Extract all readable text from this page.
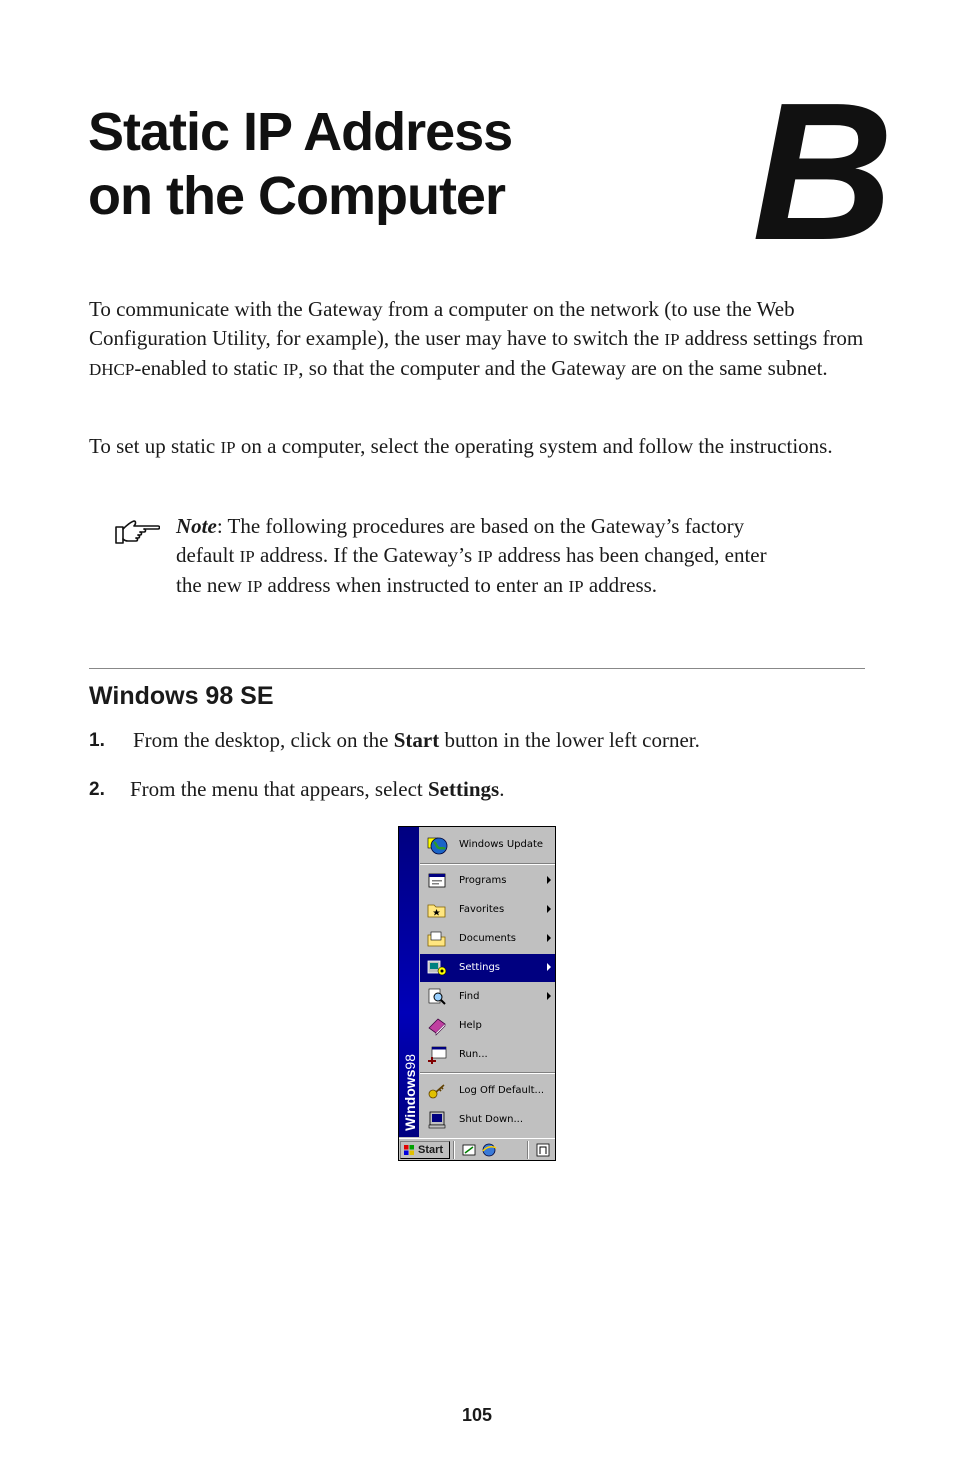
Static IP Address
on the Computer B

To communicate with the Gateway from a computer on the network (to use the Web Configuration Utility, for example), the user may have to switch the IP address settings from DHCP-enabled to static IP, so that the computer and the Gateway are on the same subnet.

To set up static IP on a computer, select the operating system and follow the instructions.

Note: The following procedures are based on the Gateway’s factory default IP address. If the Gateway’s IP address has been changed, enter the new IP address when instructed to enter an IP address.

Windows 98 SE
1. From the desktop, click on the Start button in the lower left corner.
2. From the menu that appears, select Settings.
Windows98
Windows Update
Programs
Favorites
Documents
Settings
Find
Help
Run...
Log Off Default...
Shut Down...
Start
105
